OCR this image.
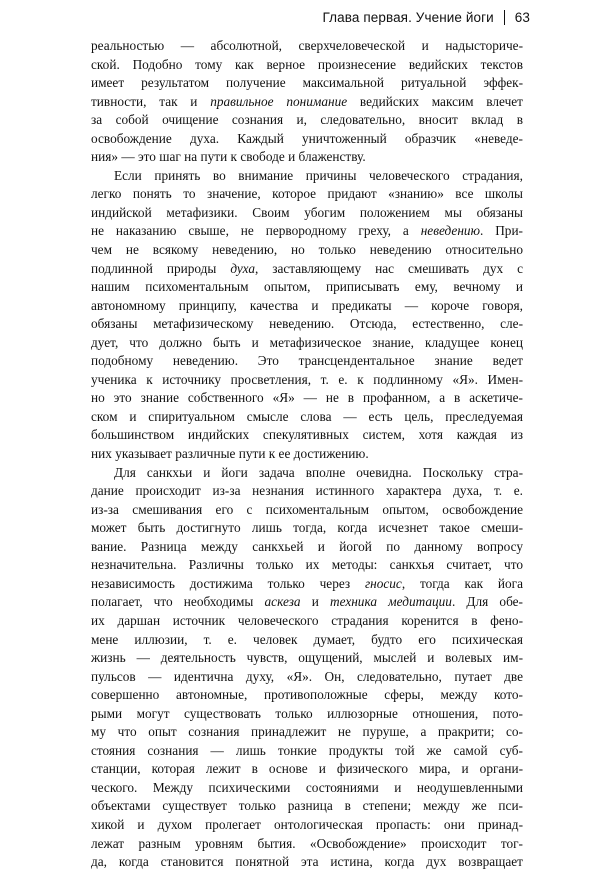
Глава первая. Учение йоги 63

реальностью — абсолютной, сверхчеловеческой и надысториче-

ской. Подобно тому как верное произнесение ведийских текстов

имеет результатом получение максимальной ритуальной эффек-

тивности, так и правильное понимание ведийских максим влечет

за собой очищение сознания и, следовательно, вносит вклад в

освобождение духа. Каждый уничтоженный образчик «неведе-

ния» — это шаг на пути к свободе и блаженству.

Если принять во внимание причины человеческого страдания,

легко понять то значение, которое придают «знанию» все школы

индийской метафизики. Своим убогим положением мы обязаны

не наказанию свыше, не первородному греху, а неведению. При-

чем не всякому неведению, но только неведению относительно

подлинной природы духа, заставляющему нас смешивать дух с

нашим психоментальным опытом, приписывать ему, вечному и

автономному принципу, качества и предикаты — короче говоря,

обязаны метафизическому неведению. Отсюда, естественно, сле-

дует, что должно быть и метафизическое знание, кладущее конец

подобному неведению. Это трансцендентальное знание ведет

ученика к источнику просветления, т. е. к подлинному «Я». Имен-

но это знание собственного «Я» — не в профанном, а в аскетиче-

ском и спиритуальном смысле слова — есть цель, преследуемая

большинством индийских спекулятивных систем, хотя каждая из

них указывает различные пути к ее достижению.

Для санкхьи и йоги задача вполне очевидна. Поскольку стра-

дание происходит из-за незнания истинного характера духа, т. е.

из-за смешивания его с психоментальным опытом, освобождение

может быть достигнуто лишь тогда, когда исчезнет такое смеши-

вание. Разница между санкхьей и йогой по данному вопросу

незначительна. Различны только их методы: санкхья считает, что

независимость достижима только через гносис, тогда как йога

полагает, что необходимы аскеза и техника медитации. Для обе-

их даршан источник человеческого страдания коренится в фено-

мене иллюзии, т. е. человек думает, будто его психическая

жизнь — деятельность чувств, ощущений, мыслей и волевых им-

пульсов — идентична духу, «Я». Он, следовательно, путает две

совершенно автономные, противоположные сферы, между кото-

рыми могут существовать только иллюзорные отношения, пото-

му что опыт сознания принадлежит не пуруше, а пракрити; со-

стояния сознания — лишь тонкие продукты той же самой суб-

станции, которая лежит в основе и физического мира, и органи-

ческого. Между психическими состояниями и неодушевленными

объектами существует только разница в степени; между же пси-

хикой и духом пролегает онтологическая пропасть: они принад-

лежат разным уровням бытия. «Освобождение» происходит тог-

да, когда становится понятной эта истина, когда дух возвращает
